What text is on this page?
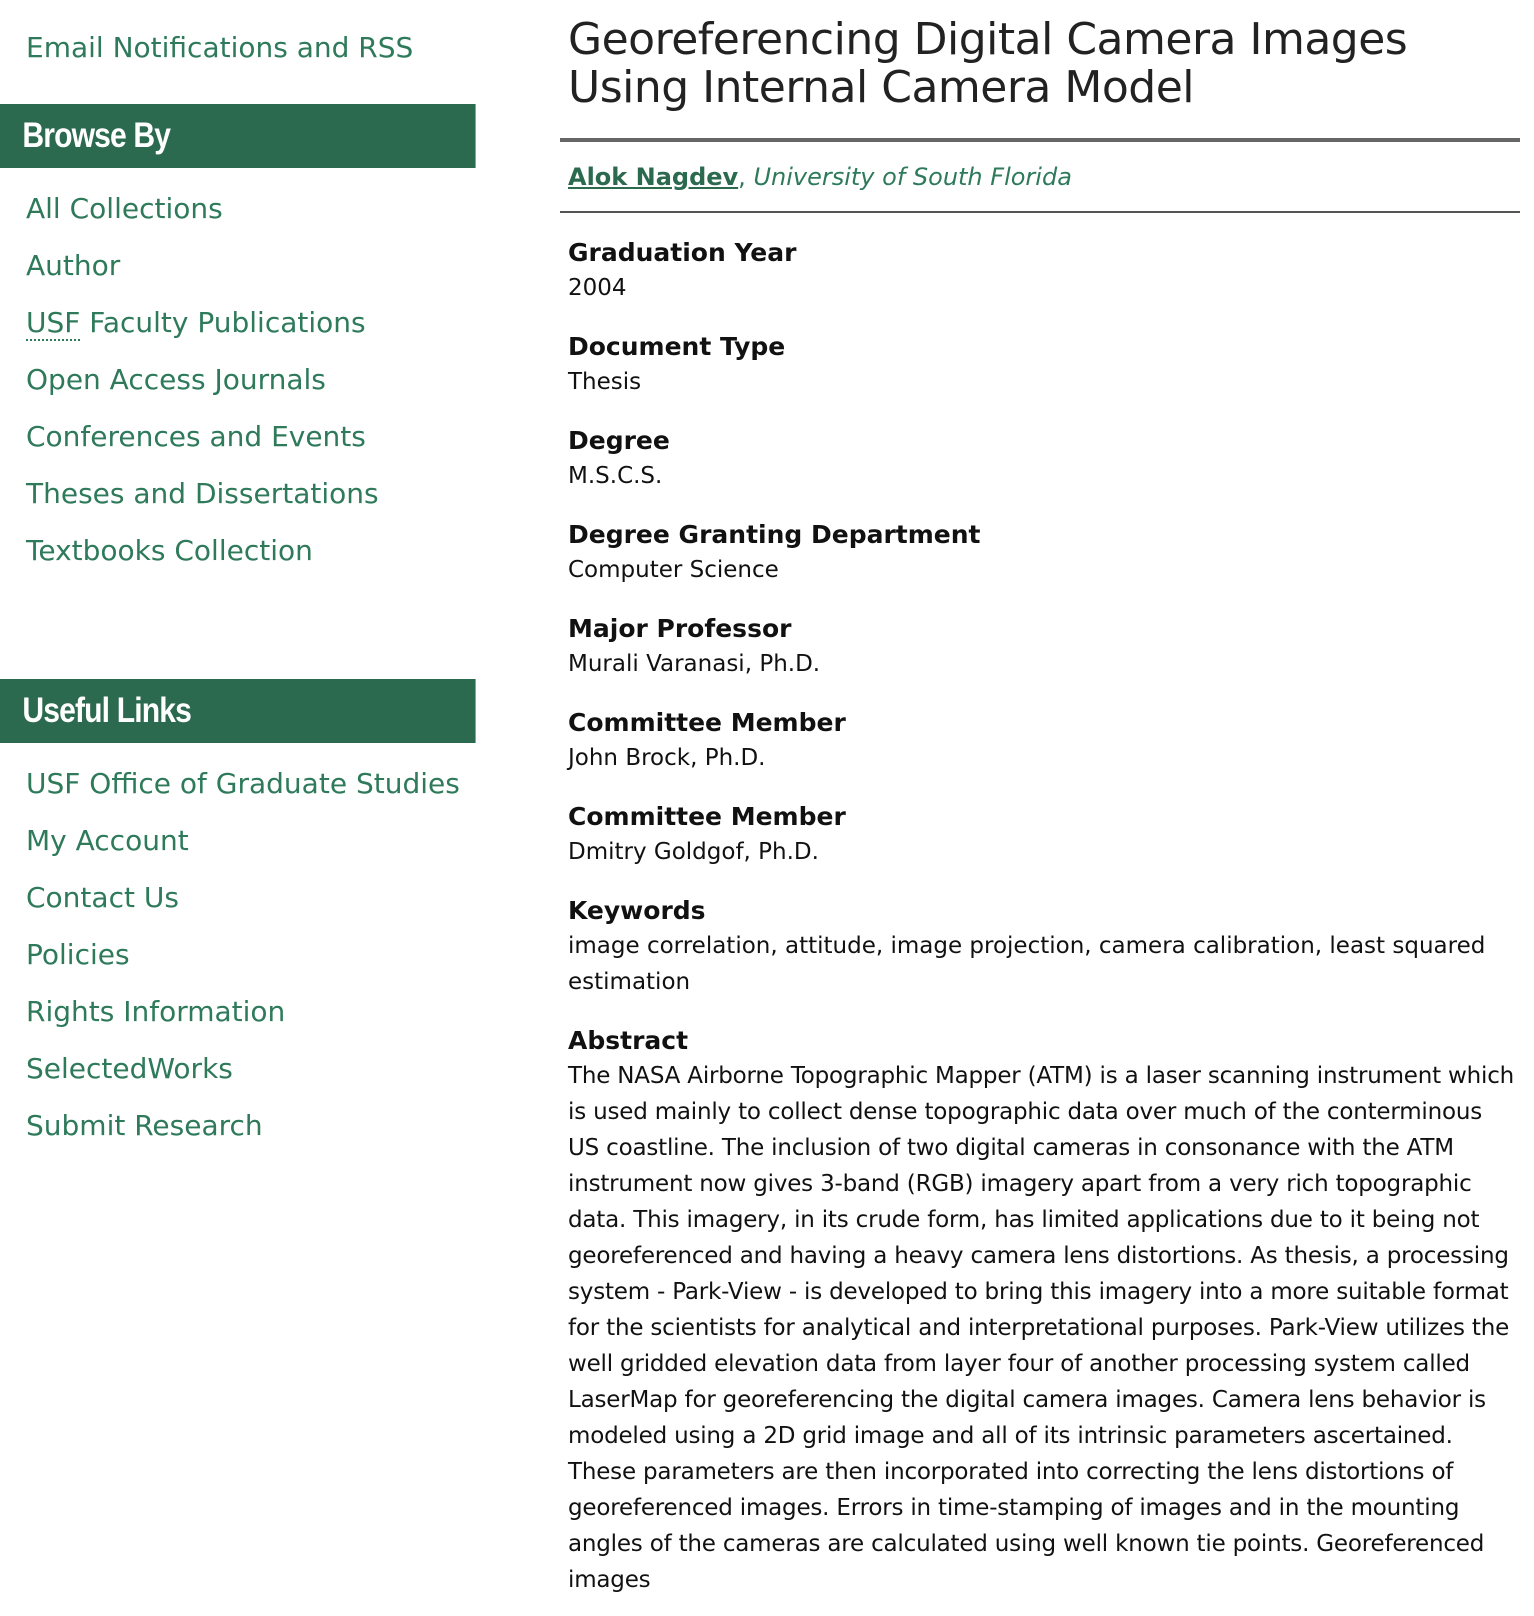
Email Notifications and RSS
Browse By
All Collections
Author
USF Faculty Publications
Open Access Journals
Conferences and Events
Theses and Dissertations
Textbooks Collection
Useful Links
USF Office of Graduate Studies
My Account
Contact Us
Policies
Rights Information
SelectedWorks
Submit Research
Georeferencing Digital Camera Images Using Internal Camera Model
Alok Nagdev, University of South Florida
Graduation Year

2004

Document Type

Thesis

Degree

M.S.C.S.

Degree Granting Department

Computer Science

Major Professor

Murali Varanasi, Ph.D.

Committee Member

John Brock, Ph.D.

Committee Member

Dmitry Goldgof, Ph.D.

Keywords

image correlation, attitude, image projection, camera calibration, least squared estimation

Abstract

The NASA Airborne Topographic Mapper (ATM) is a laser scanning instrument which is used mainly to collect dense topographic data over much of the conterminous US coastline. The inclusion of two digital cameras in consonance with the ATM instrument now gives 3-band (RGB) imagery apart from a very rich topographic data. This imagery, in its crude form, has limited applications due to it being not georeferenced and having a heavy camera lens distortions. As thesis, a processing system - Park-View - is developed to bring this imagery into a more suitable format for the scientists for analytical and interpretational purposes. Park-View utilizes the well gridded elevation data from layer four of another processing system called LaserMap for georeferencing the digital camera images. Camera lens behavior is modeled using a 2D grid image and all of its intrinsic parameters ascertained. These parameters are then incorporated into correcting the lens distortions of georeferenced images. Errors in time-stamping of images and in the mounting angles of the cameras are calculated using well known tie points. Georeferenced images
